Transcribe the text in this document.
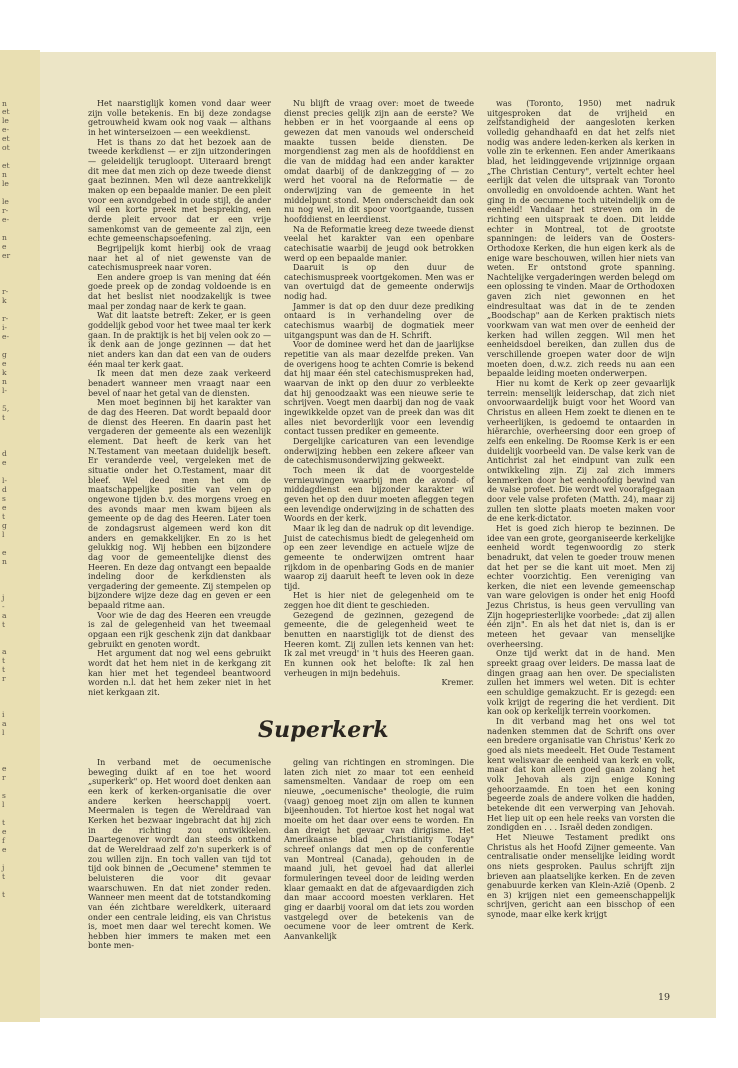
n
et
le
e-
et
ot
et
n
le
le
r-
e-
n
e
er
r-
k
r-
i-
e-
g
e
k
n
l-
5,
t
d
e
l-
d
s
e
t
g
l
e
n
j
-
a
t
a
t
t
r
i
a
l
e
r
s
l
t
e
f
e
j
t
t

Het naarstiglijk komen vond daar weer zijn volle betekenis. En bij deze zondagse getrouwheid kwam ook nog vaak — althans in het winterseizoen — een weekdienst.

Het is thans zo dat het bezoek aan de tweede kerkdienst — er zijn uitzonderingen — geleidelijk terugloopt. Uiteraard brengt dit mee dat men zich op deze tweede dienst gaat bezinnen. Men wil deze aantrekkelijk maken op een bepaalde manier. De een pleit voor een avondgebed in oude stijl, de ander wil een korte preek met bespreking, een derde pleit ervoor dat er een vrije samenkomst van de gemeente zal zijn, een echte gemeenschapsoefening.

Begrijpelijk komt hierbij ook de vraag naar het al of niet gewenste van de catechismuspreek naar voren.

Een andere groep is van mening dat één goede preek op de zondag voldoende is en dat het beslist niet noodzakelijk is twee maal per zondag naar de kerk te gaan.

Wat dit laatste betreft: Zeker, er is geen goddelijk gebod voor het twee maal ter kerk gaan. In de praktijk is het bij velen ook zo — ik denk aan de jonge gezinnen — dat het niet anders kan dan dat een van de ouders één maal ter kerk gaat.

Ik meen dat men deze zaak verkeerd benadert wanneer men vraagt naar een bevel of naar het getal van de diensten.

Men moet beginnen bij het karakter van de dag des Heeren. Dat wordt bepaald door de dienst des Heeren. En daarin past het vergaderen der gemeente als een wezenlijk element. Dat heeft de kerk van het N.Testament van meetaan duidelijk beseft. Er veranderde veel, vergeleken met de situatie onder het O.Testament, maar dit bleef. Wel deed men het om de maatschappelijke positie van velen op ongewone tijden b.v. des morgens vroeg en des avonds maar men kwam bijeen als gemeente op de dag des Heeren. Later toen de zondagsrust algemeen werd kon dit anders en gemakkelijker. En zo is het gelukkig nog. Wij hebben een bijzondere dag voor de gemeentelijke dienst des Heeren. En deze dag ontvangt een bepaalde indeling door de kerkdiensten als vergadering der gemeente. Zij stempelen op bijzondere wijze deze dag en geven er een bepaald ritme aan.

Voor wie de dag des Heeren een vreugde is zal de gelegenheid van het tweemaal opgaan een rijk geschenk zijn dat dankbaar gebruikt en genoten wordt.

Het argument dat nog wel eens gebruikt wordt dat het hem niet in de kerkgang zit kan hier met het tegendeel beantwoord worden n.l. dat het hem zeker niet in het niet kerkgaan zit.

Nu blijft de vraag over: moet de tweede dienst precies gelijk zijn aan de eerste? We hebben er in het voorgaande al eens op gewezen dat men vanouds wel onderscheid maakte tussen beide diensten. De morgendienst zag men als de hoofddienst en die van de middag had een ander karakter omdat daarbij of de dankzegging of — zo werd het vooral na de Reformatie — de onderwijzing van de gemeente in het middelpunt stond. Men onderscheidt dan ook nu nog wel, in dit spoor voortgaande, tussen hoofddienst en leerdienst.

Na de Reformatie kreeg deze tweede dienst veelal het karakter van een openbare catechisatie waarbij de jeugd ook betrokken werd op een bepaalde manier.

Daaruit is op den duur de catechismuspreek voortgekomen. Men was er van overtuigd dat de gemeente onderwijs nodig had.

Jammer is dat op den duur deze prediking ontaard is in verhandeling over de catechismus waarbij de dogmatiek meer uitgangspunt was dan de H. Schrift.

Voor de dominee werd het dan de jaarlijkse repetitie van als maar dezelfde preken. Van de overigens hoog te achten Comrie is bekend dat hij maar één stel catechismuspreken had, waarvan de inkt op den duur zo verbleekte dat hij genoodzaakt was een nieuwe serie te schrijven. Voegt men daarbij dan nog de vaak ingewikkelde opzet van de preek dan was dit alles niet bevorderlijk voor een levendig contact tussen prediker en gemeente.

Dergelijke caricaturen van een levendige onderwijzing hebben een zekere afkeer van de catechismusonderwijzing gekweekt.

Toch meen ik dat de voorgestelde vernieuwingen waarbij men de avond- of middagdienst een bijzonder karakter wil geven het op den duur moeten afleggen tegen een levendige onderwijzing in de schatten des Woords en der kerk.

Maar ik leg dan de nadruk op dit levendige. Juist de catechismus biedt de gelegenheid om op een zeer levendige en actuele wijze de gemeente te onderwijzen omtrent haar rijkdom in de openbaring Gods en de manier waarop zij daaruit heeft te leven ook in deze tijd.

Het is hier niet de gelegenheid om te zeggen hoe dit dient te geschieden.

Gezegend de gezinnen, gezegend de gemeente, die de gelegenheid weet te benutten en naarstiglijk tot de dienst des Heeren komt. Zij zullen iets kennen van het: Ik zal met vreugd' in 't huis des Heeren gaan. En kunnen ook het belofte: Ik zal hen verheugen in mijn bedehuis.

Kremer.

was (Toronto, 1950) met nadruk uitgesproken dat de vrijheid en zelfstandigheid der aangesloten kerken volledig gehandhaafd en dat het zelfs niet nodig was andere leden-kerken als kerken in volle zin te erkennen. Een ander Amerikaans blad, het leidinggevende vrijzinnige orgaan „The Christian Century", vertelt echter heel eerlijk dat velen die uitspraak van Toronto onvolledig en onvoldoende achten. Want het ging in de oecumene toch uiteindelijk om de eenheid! Vandaar het streven om in de richting een uitspraak te doen. Dit leidde echter in Montreal, tot de grootste spanningen: de leiders van de Oosters-Orthodoxe Kerken, die hun eigen kerk als de enige ware beschouwen, willen hier niets van weten. Er ontstond grote spanning. Nachtelijke vergaderingen werden belegd om een oplossing te vinden. Maar de Orthodoxen gaven zich niet gewonnen en het eindresultaat was dat in de te zenden „Boodschap" aan de Kerken praktisch niets voorkwam van wat men over de eenheid der kerken had willen zeggen. Wil men het eenheidsdoel bereiken, dan zullen dus de verschillende groepen water door de wijn moeten doen, d.w.z. zich reeds nu aan een bepaalde leiding moeten onderwerpen.

Hier nu komt de Kerk op zeer gevaarlijk terrein: menselijk leiderschap, dat zich niet onvoorwaardelijk buigt voor het Woord van Christus en alleen Hem zoekt te dienen en te verheerlijken, is gedoemd te ontaarden in hiërarchie, overheersing door een groep of zelfs een enkeling. De Roomse Kerk is er een duidelijk voorbeeld van. De valse kerk van de Antichrist zal het eindpunt van zulk een ontwikkeling zijn. Zij zal zich immers kenmerken door het eenhoofdig bewind van de valse profeet. Die wordt wel voorafgegaan door vele valse profeten (Matth. 24), maar zij zullen ten slotte plaats moeten maken voor de ene kerk-dictator.

Het is goed zich hierop te bezinnen. De idee van een grote, georganiseerde kerkelijke eenheid wordt tegenwoordig zo sterk benadrukt, dat velen te goeder trouw menen dat het per se die kant uit moet. Men zij echter voorzichtig. Een vereniging van kerken, die niet een levende gemeenschap van ware gelovigen is onder het enig Hoofd Jezus Christus, is heus geen vervulling van Zijn hogepriesterlijke voorbede: „dat zij allen één zijn". En als het dat niet is, dan is er meteen het gevaar van menselijke overheersing.

Onze tijd werkt dat in de hand. Men spreekt graag over leiders. De massa laat de dingen graag aan hen over. De specialisten zullen het immers wel weten. Dit is echter een schuldige gemakzucht. Er is gezegd: een volk krijgt de regering die het verdient. Dit kan ook op kerkelijk terrein voorkomen.

In dit verband mag het ons wel tot nadenken stemmen dat de Schrift ons over een bredere organisatie van Christus' Kerk zo goed als niets meedeelt. Het Oude Testament kent weliswaar de eenheid van kerk en volk, maar dat kon alleen goed gaan zolang het volk Jehovah als zijn enige Koning gehoorzaamde. En toen het een koning begeerde zoals de andere volken die hadden, betekende dit een verwerping van Jehovah. Het liep uit op een hele reeks van vorsten die zondigden en . . . Israël deden zondigen.

Het Nieuwe Testament predikt ons Christus als het Hoofd Zijner gemeente. Van centralisatie onder menselijke leiding wordt ons niets gesproken. Paulus schrijft zijn brieven aan plaatselijke kerken. En de zeven genabuurde kerken van Klein-Azië (Openb. 2 en 3) krijgen niet een gemeenschappelijk schrijven, gericht aan een bisschop of een synode, maar elke kerk krijgt

Superkerk

In verband met de oecumenische beweging duikt af en toe het woord „superkerk" op. Het woord doet denken aan een kerk of kerken-organisatie die over andere kerken heerschappij voert. Meermalen is tegen de Wereldraad van Kerken het bezwaar ingebracht dat hij zich in de richting zou ontwikkelen. Daartegenover wordt dan steeds ontkend dat de Wereldraad zelf zo'n superkerk is of zou willen zijn. En toch vallen van tijd tot tijd ook binnen de „Oecumene" stemmen te beluisteren die voor dit gevaar waarschuwen. En dat niet zonder reden. Wanneer men meent dat de totstandkoming van één zichtbare wereldkerk, uiteraard onder een centrale leiding, eis van Christus is, moet men daar wel terecht komen. We hebben hier immers te maken met een bonte men-

geling van richtingen en stromingen. Die laten zich niet zo maar tot een eenheid samensmelten. Vandaar de roep om een nieuwe, „oecumenische" theologie, die ruim (vaag) genoeg moet zijn om allen te kunnen bijeenhouden. Tot hiertoe kost het nogal wat moeite om het daar over eens te worden. En dan dreigt het gevaar van dirigisme. Het Amerikaanse blad „Christianity Today" schreef onlangs dat men op de conferentie van Montreal (Canada), gehouden in de maand juli, het gevoel had dat allerlei formuleringen teveel door de leiding werden klaar gemaakt en dat de afgevaardigden zich dan maar accoord moesten verklaren. Het ging er daarbij vooral om dat iets zou worden vastgelegd over de betekenis van de oecumene voor de leer omtrent de Kerk. Aanvankelijk

19
